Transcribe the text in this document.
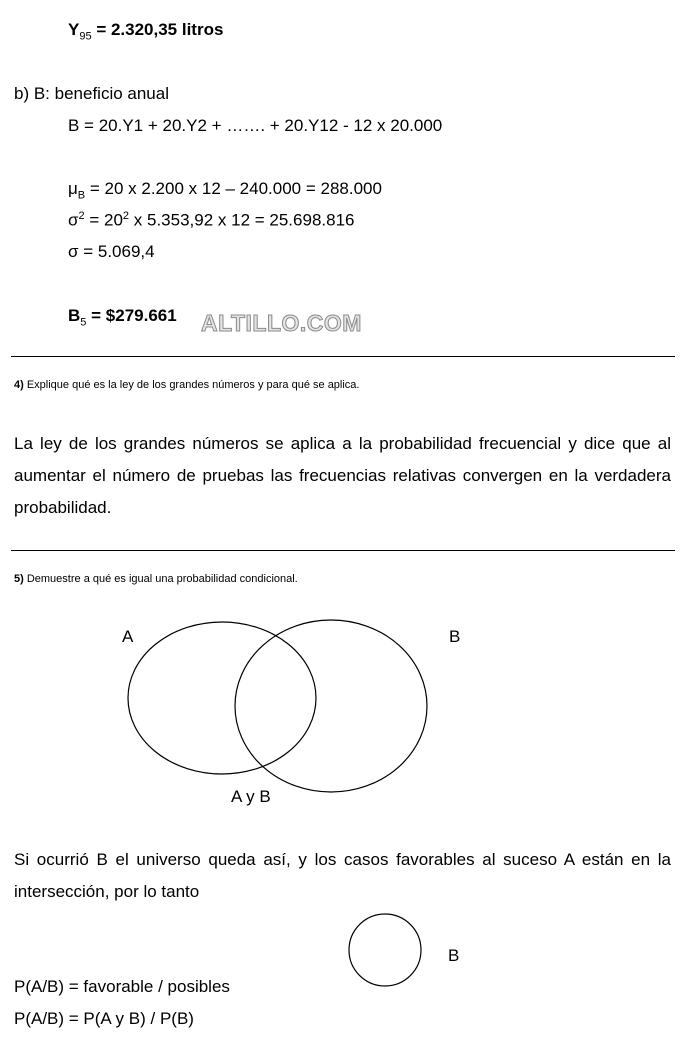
$Y_{95} = 2.320,35$ litros
b) B: beneficio anual
B = 20.Y1 + 20.Y2 + ……. + 20.Y12 - 12 x 20.000
$\mu_B = 20$ x 2.200 x 12 – 240.000 = 288.000
$\sigma^2 = 20^2$ x 5.353,92 x 12 = 25.698.816
σ = 5.069,4
$B_5$ = $279.661 ALTILLO.COM
4) Explique qué es la ley de los grandes números y para qué se aplica.
La ley de los grandes números se aplica a la probabilidad frecuencial y dice que al aumentar el número de pruebas las frecuencias relativas convergen en la verdadera probabilidad.
5) Demuestre a qué es igual una probabilidad condicional.
A	B
A y B
B
Si ocurrió B el universo queda así, y los casos favorables al suceso A están en la intersección, por lo tanto
P(A/B) = favorable / posibles
P(A/B) = P(A y B) / P(B)
